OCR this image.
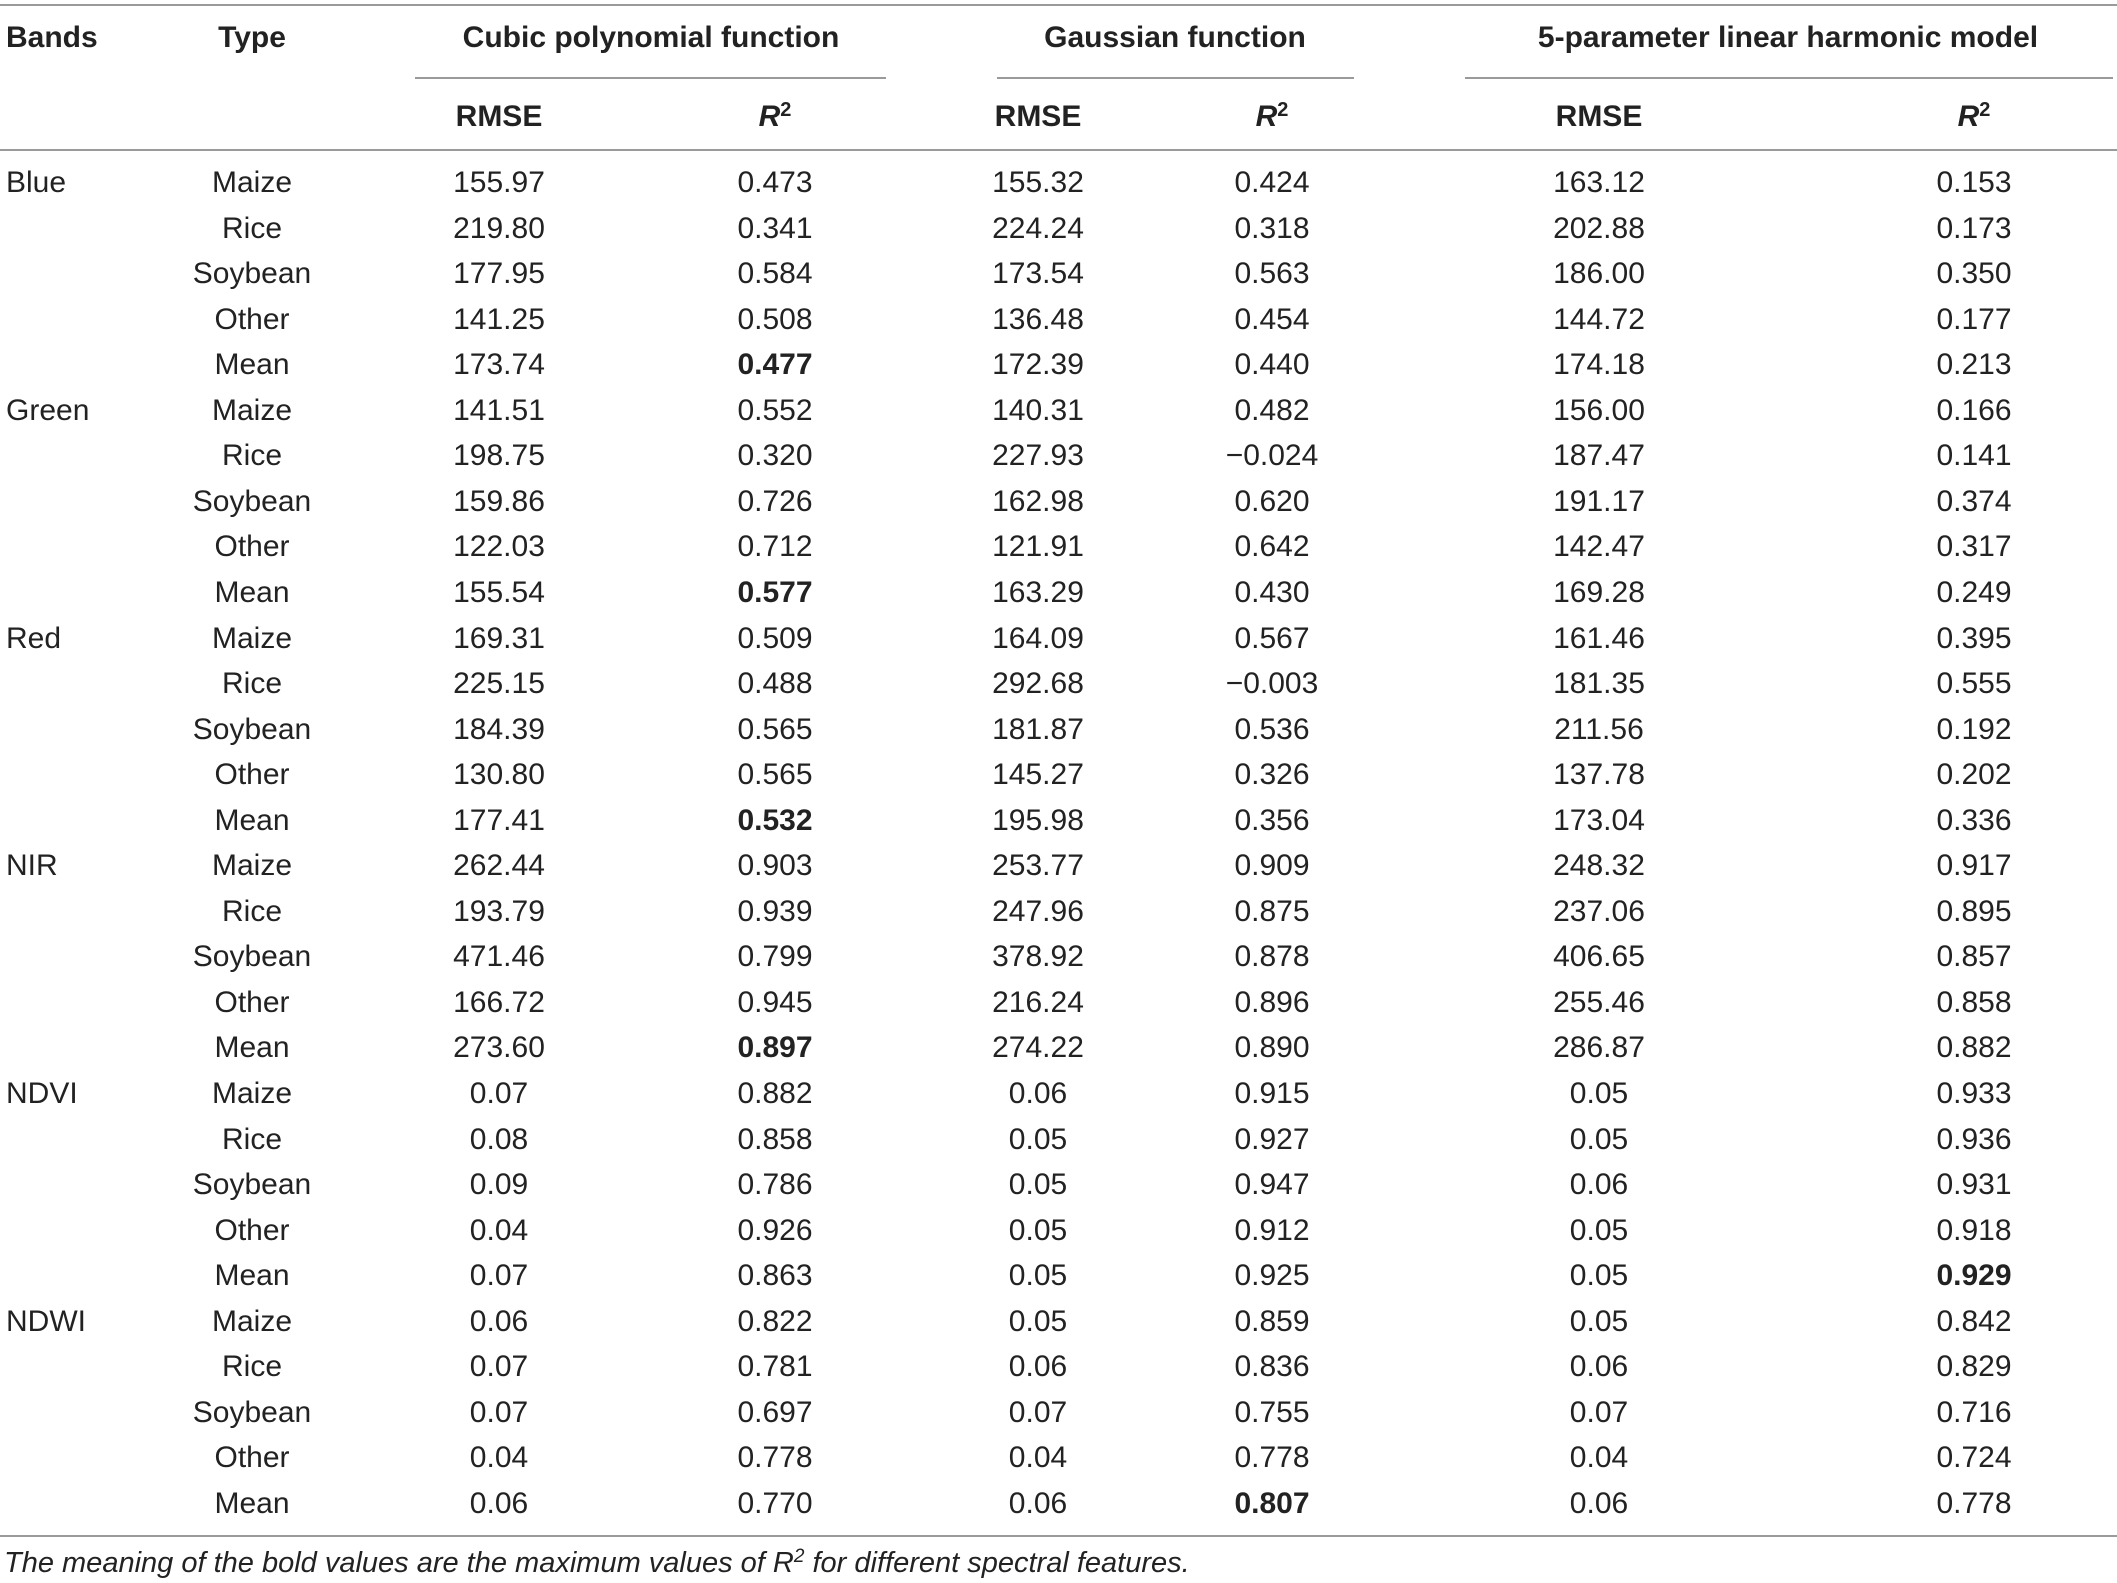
Bands	Type	Cubic polynomial function	Gaussian function	5-parameter linear harmonic model
RMSE	$R^2$	RMSE	$R^2$	RMSE	$R^2$
Blue	Maize	155.97	0.473	155.32	0.424	163.12	0.153
Rice	219.80	0.341	224.24	0.318	202.88	0.173
Soybean	177.95	0.584	173.54	0.563	186.00	0.350
Other	141.25	0.508	136.48	0.454	144.72	0.177
Mean	173.74	0.477	172.39	0.440	174.18	0.213
Green	Maize	141.51	0.552	140.31	0.482	156.00	0.166
Rice	198.75	0.320	227.93	−0.024	187.47	0.141
Soybean	159.86	0.726	162.98	0.620	191.17	0.374
Other	122.03	0.712	121.91	0.642	142.47	0.317
Mean	155.54	0.577	163.29	0.430	169.28	0.249
Red	Maize	169.31	0.509	164.09	0.567	161.46	0.395
Rice	225.15	0.488	292.68	−0.003	181.35	0.555
Soybean	184.39	0.565	181.87	0.536	211.56	0.192
Other	130.80	0.565	145.27	0.326	137.78	0.202
Mean	177.41	0.532	195.98	0.356	173.04	0.336
NIR	Maize	262.44	0.903	253.77	0.909	248.32	0.917
Rice	193.79	0.939	247.96	0.875	237.06	0.895
Soybean	471.46	0.799	378.92	0.878	406.65	0.857
Other	166.72	0.945	216.24	0.896	255.46	0.858
Mean	273.60	0.897	274.22	0.890	286.87	0.882
NDVI	Maize	0.07	0.882	0.06	0.915	0.05	0.933
Rice	0.08	0.858	0.05	0.927	0.05	0.936
Soybean	0.09	0.786	0.05	0.947	0.06	0.931
Other	0.04	0.926	0.05	0.912	0.05	0.918
Mean	0.07	0.863	0.05	0.925	0.05	0.929
NDWI	Maize	0.06	0.822	0.05	0.859	0.05	0.842
Rice	0.07	0.781	0.06	0.836	0.06	0.829
Soybean	0.07	0.697	0.07	0.755	0.07	0.716
Other	0.04	0.778	0.04	0.778	0.04	0.724
Mean	0.06	0.770	0.06	0.807	0.06	0.778
The meaning of the bold values are the maximum values of $R^2$ for different spectral features.
